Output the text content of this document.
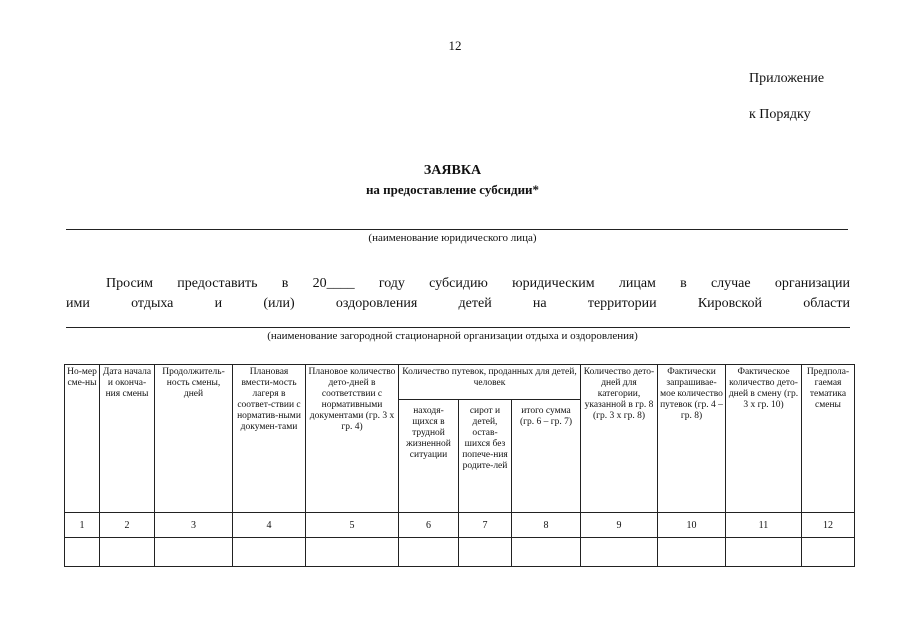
12
Приложение
к Порядку
ЗАЯВКА
на предоставление субсидии*
(наименование юридического лица)
Просим предоставить в 20____ году субсидию юридическим лицам в случае организации
ими отдыха и (или) оздоровления детей на территории Кировской области
(наименование загородной стационарной организации отдыха и оздоровления)
Но-мер сме-ны	Дата начала и оконча-ния смены	Продолжитель-ность смены, дней	Плановая вмести-мость лагеря в соответ-ствии с норматив-ными докумен-тами	Плановое количество дето-дней в соответствии с нормативными документами (гр. 3 х гр. 4)	Количество путевок, проданных для детей, человек			Количество дето-дней для категории, указанной в гр. 8 (гр. 3 х гр. 8)	Фактически запрашивае-мое количество путевок (гр. 4 – гр. 8)	Фактическое количество дето-дней в смену (гр. 3 х гр. 10)	Предпола-гаемая тематика смены
					находя-щихся в трудной жизненной ситуации	сирот и детей, остав-шихся без попече-ния родите-лей	итого сумма (гр. 6 – гр. 7)				
1	2	3	4	5	6	7	8	9	10	11	12
